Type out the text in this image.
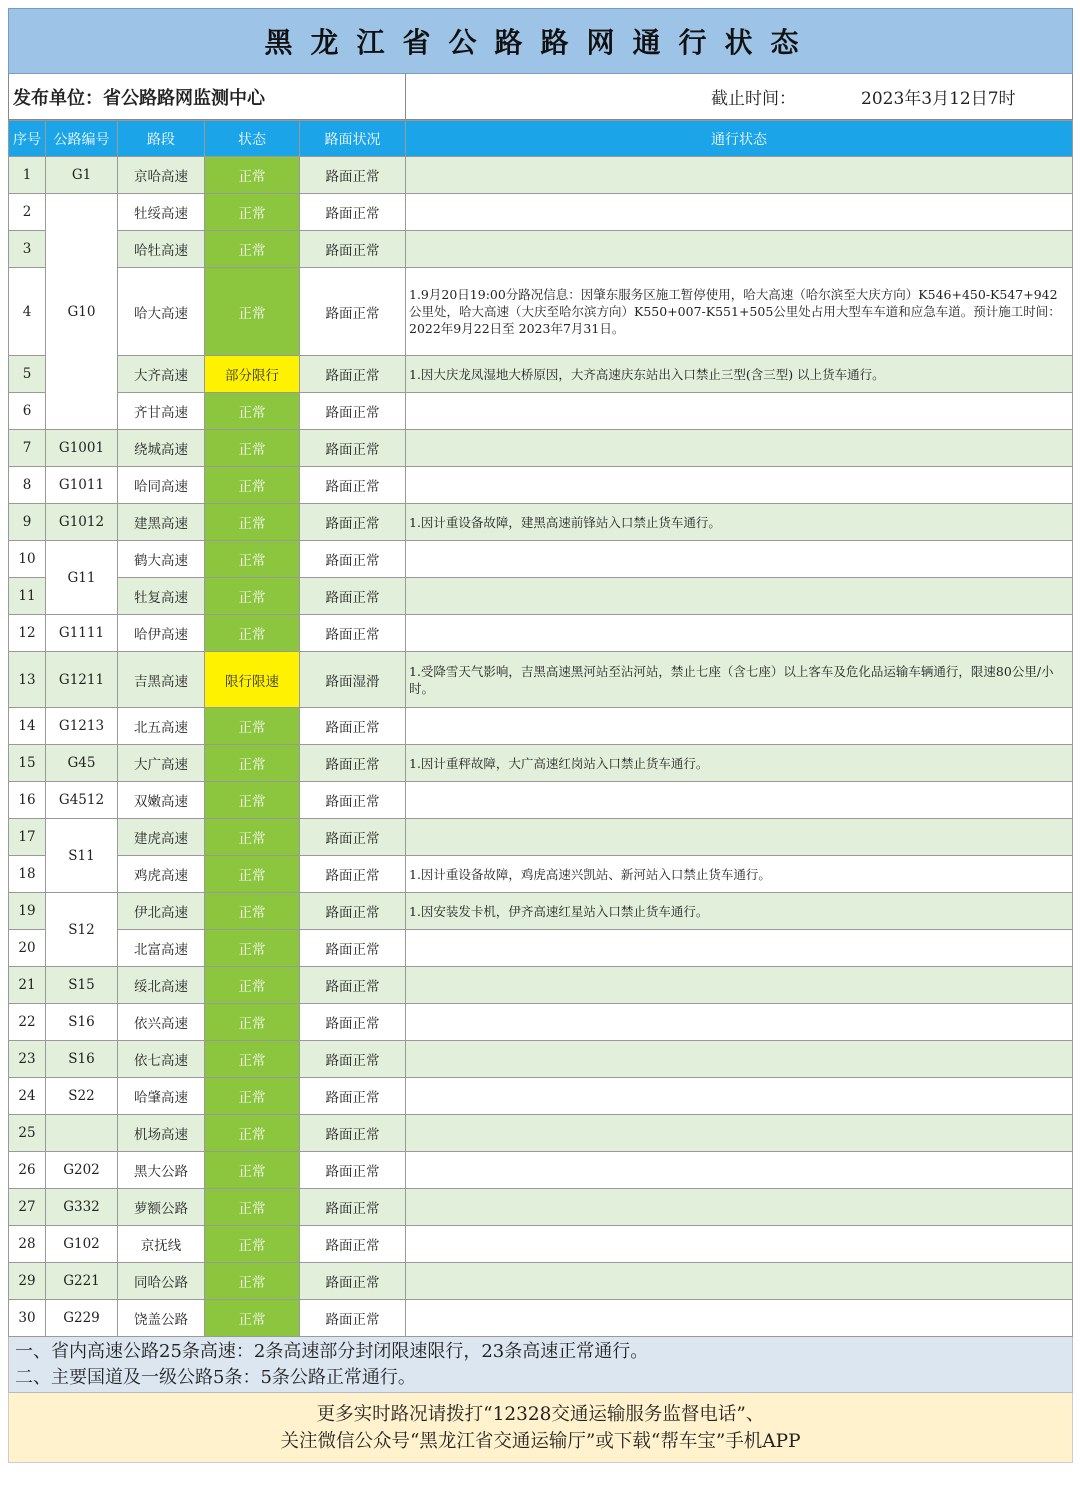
黑龙江省公路路网通行状态
发布单位：省公路路网监测中心	截止时间：	2023年3月12日7时
序号	公路编号	路段	状态	路面状况	通行状态
1	G1	京哈高速	正常	路面正常	
2	G10	牡绥高速	正常	路面正常	
3		哈牡高速	正常	路面正常	
4		哈大高速	正常	路面正常	1.9月20日19:00分路况信息：因肇东服务区施工暂停使用，哈大高速（哈尔滨至大庆方向）K546+450-K547+942公里处，哈大高速（大庆至哈尔滨方向）K550+007-K551+505公里处占用大型车车道和应急车道。预计施工时间：2022年9月22日至 2023年7月31日。
5		大齐高速	部分限行	路面正常	1.因大庆龙凤湿地大桥原因，大齐高速庆东站出入口禁止三型(含三型) 以上货车通行。
6		齐甘高速	正常	路面正常	
7	G1001	绕城高速	正常	路面正常	
8	G1011	哈同高速	正常	路面正常	
9	G1012	建黑高速	正常	路面正常	1.因计重设备故障，建黑高速前锋站入口禁止货车通行。
10	G11	鹤大高速	正常	路面正常	
11		牡复高速	正常	路面正常	
12	G1111	哈伊高速	正常	路面正常	
13	G1211	吉黑高速	限行限速	路面湿滑	1.受降雪天气影响，吉黑高速黑河站至沾河站，禁止七座（含七座）以上客车及危化品运输车辆通行，限速80公里/小时。
14	G1213	北五高速	正常	路面正常	
15	G45	大广高速	正常	路面正常	1.因计重秤故障，大广高速红岗站入口禁止货车通行。
16	G4512	双嫩高速	正常	路面正常	
17	S11	建虎高速	正常	路面正常	
18		鸡虎高速	正常	路面正常	1.因计重设备故障，鸡虎高速兴凯站、新河站入口禁止货车通行。
19	S12	伊北高速	正常	路面正常	1.因安装发卡机，伊齐高速红星站入口禁止货车通行。
20		北富高速	正常	路面正常	
21	S15	绥北高速	正常	路面正常	
22	S16	依兴高速	正常	路面正常	
23	S16	依七高速	正常	路面正常	
24	S22	哈肇高速	正常	路面正常	
25		机场高速	正常	路面正常	
26	G202	黑大公路	正常	路面正常	
27	G332	萝额公路	正常	路面正常	
28	G102	京抚线	正常	路面正常	
29	G221	同哈公路	正常	路面正常	
30	G229	饶盖公路	正常	路面正常	
一、省内高速公路25条高速：2条高速部分封闭限速限行，23条高速正常通行。
二、主要国道及一级公路5条：5条公路正常通行。
更多实时路况请拨打“12328交通运输服务监督电话”、
关注微信公众号“黑龙江省交通运输厅”或下载“帮车宝”手机APP
